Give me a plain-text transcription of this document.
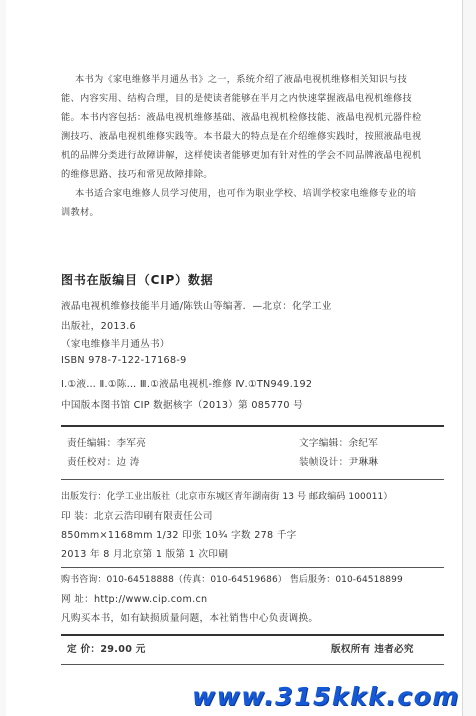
本书为《家电维修半月通丛书》之一，系统介绍了液晶电视机维修相关知识与技
能、内容实用、结构合理，目的是使读者能够在半月之内快速掌握液晶电视机维修技
能。本书内容包括：液晶电视机维修基础、液晶电视机检修技能、液晶电视机元器件检
测技巧、液晶电视机维修实践等。本书最大的特点是在介绍维修实践时，按照液晶电视
机的品牌分类进行故障讲解，这样使读者能够更加有针对性的学会不同品牌液晶电视机
的维修思路、技巧和常见故障排除。
本书适合家电维修人员学习使用，也可作为职业学校、培训学校家电维修专业的培
训教材。
图书在版编目（CIP）数据
液晶电视机维修技能半月通/陈铁山等编著．—北京：化学工业
出版社，2013.6
（家电维修半月通丛书）
ISBN 978-7-122-17168-9
Ⅰ.①液… Ⅱ.①陈… Ⅲ.①液晶电视机-维修 Ⅳ.①TN949.192
中国版本图书馆 CIP 数据核字（2013）第 085770 号
责任编辑：李军亮
责任校对：边 涛
文字编辑：余纪军
装帧设计：尹琳琳
出版发行：化学工业出版社（北京市东城区青年湖南街 13 号 邮政编码 100011）
印 装：北京云浩印刷有限责任公司
850mm×1168mm 1/32 印张 10¾ 字数 278 千字
2013 年 8 月北京第 1 版第 1 次印刷
购书咨询：010-64518888（传真：010-64519686） 售后服务：010-64518899
网 址：http://www.cip.com.cn
凡购买本书，如有缺损质量问题，本社销售中心负责调换。
定 价：29.00 元	版权所有 违者必究
www.315kkk.com
